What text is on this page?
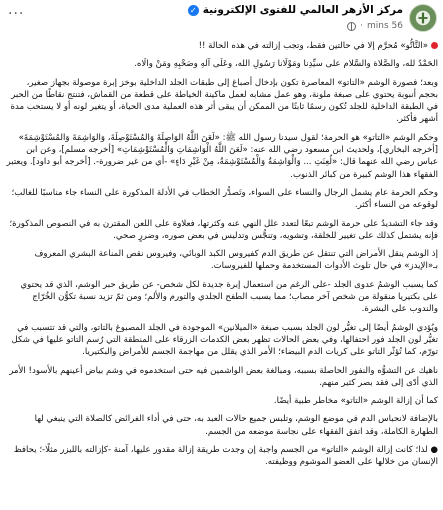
···	مركز الأزهر العالمي للفتوى الإلكترونية
✓
56 mins
·

«التَّاتُّو» مُحرَّم إلا في حالتين فقط، وتجب إزالته في هذه الحالة !!

الحَمْدُ لله، والصَّلاة والسَّلام على سيِّدِنا ومَوْلَانا رَسُولِ الله، وعَلَى آلهِ وصَحْبِهِ ومَنْ والَاه.

وبعد؛ فصورة الوشم «التاتو» المعاصرة تكون بإدخال أصباغ إلى طبقات الجلد الداخلية بوخز إبرة موصولة بجهاز صغير، بحجم أنبوبة يحتوي على صبغة ملونة، وهو عمل مشابه لعمل ماكينة الخياطة على قطعة من القماش، فتنتج نقاطًا من الحبر في الطبقة الداخلية للجلد تُكون رسمًا ثابتًا من الممكن أن يبقى أثر هذه العملية مدى الحياة، أو يتغير لونه أو لا يستحب مدة أشهر فأكثر.

وحكم الوشم «التاتو» هو الحرمة؛ لقول سيدنا رسول الله ﷺ: «لَعَنَ اللَّهُ الوَاصِلَةَ وَالمُسْتَوْصِلَةَ، وَالوَاشِمَةَ وَالمُسْتَوْشِمَةَ» [أخرجه البخاري]، ولحديث ابن مسعود رضي الله عنه: «لَعَنَ اللَّهُ الْوَاشِمَاتِ وَالْمُسْتَوْشِمَاتِ» [أخرجه مسلم]، وعن ابن عباس رضي الله عنهما قال: «لُعِنَتِ ... وَالْوَاشِمَةُ وَالْمُسْتَوْشِمَةُ، مِنْ غَيْرِ دَاءٍ» -أي من غير ضرورة-. [أخرجه أبو داود]. ويعتبر الفقهاء هذا الوشم كبيرة من كبائر الذنوب.

وحكم الحرمة عام يشمل الرجال والنساء على السواء، وتَصدُّر الخطاب في الأدلة المذكورة على النساء جاء مناسبًا للغالب؛ لوقوعه من النساء أكثر.

وقد جاء التشديدُ على حرمة الوشم تبعًا لتعدد علل النهي عنه وكثرتها، فعلاوة على اللعن المقترن به في النصوص المذكورة؛ فإنه يشتمل كذلك على تغيير للخلقة، وتشويه، وتنجُّس وتدليس في بعض صوره، وضررٍ صحي.

إذ الوشم ينقل الأمراض التي تنتقل عن طريق الدم كفيروس الكبد الوبائي، وفيروس نقص المناعة البشري المعروف بـ«الإيدز» في حال تلوث الأدوات المستخدمة وحملها للفيروسات.

كما يسبب الوشمُ عدوى الجلد -على الرغم من استعمال إبرة جديدة لكل شخص- عن طريق حبر الوشم، الذي قد يحتوي على بكتيريا منقولة من شخص آخر مصاب؛ مما يسبب الطفح الجلدي والتورم والألم؛ ومن ثمّ تزيد نسبة تكوُّن الخُرّاج والندوب على البشرة.

ويُؤدي الوشمُ أيضًا إلى تغيُّر لون الجلد بسبب صبغة «الميلانين» الموجودة في الجلد المصبوغ بالتاتو، والتي قد تتسبب في تغيُّر لون الجلد فور احتفالها، وفي بعض الحالات تظهر بعض الكدمات الزرقاء على المنطقة التي رُسم التاتو عليها في شكل تورّم، كما تُؤثّر التاتو على كريات الدم البيضاء؛ الأمر الذي يقلل من مهاجمة الجسم للأمراض والبكتيريا.

ناهيك عن التشوُّه والنفور الحاصلة بسببه، ومبالغة بعض الواشمين فيه حتى استخدموه في وشم بياض أعينهم بالأسود! الأمر الذي أدّى إلى فقد بصر كثير منهم.

كما أن إزالة الوشم «التاتو» مخاطر طبية أيضًا.

بالإضافة لانحباس الدم في موضع الوشم، وتلبس جميع حالات العبد به، حتى في أداء الفرائض كالصلاة التي ينبغي لها الطهارة الكاملة، وقد اتفق الفقهاء على نجاسة موضعه من الجسم.

● لذا؛ كانت إزالة الوشم «التاتو» من الجسم واجبة إن وجدت طريقة إزالة مقدور عليها، آمنة -كإزالته بالليزر مثلًا-؛ يحافظ الإنسان من خلالها على العضو الموشوم ووظيفته.
